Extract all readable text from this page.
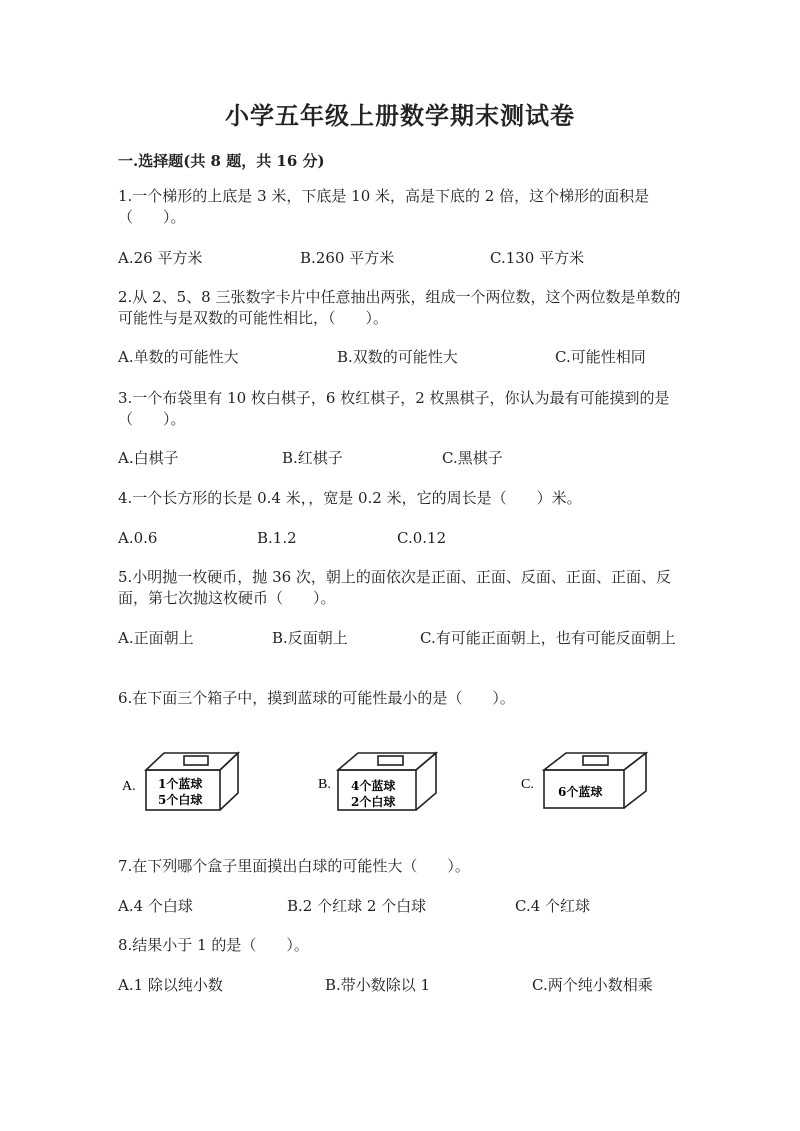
小学五年级上册数学期末测试卷
一.选择题(共 8 题，共 16 分)
1.一个梯形的上底是 3 米，下底是 10 米，高是下底的 2 倍，这个梯形的面积是（　　）。
A.26 平方米	B.260 平方米	C.130 平方米
2.从 2、5、8 三张数字卡片中任意抽出两张，组成一个两位数，这个两位数是单数的可能性与是双数的可能性相比，（　　）。
A.单数的可能性大	B.双数的可能性大	C.可能性相同
3.一个布袋里有 10 枚白棋子，6 枚红棋子，2 枚黑棋子，你认为最有可能摸到的是（　　）。
A.白棋子	B.红棋子	C.黑棋子
4.一个长方形的长是 0.4 米，，宽是 0.2 米，它的周长是（　　）米。
A.0.6	B.1.2	C.0.12
5.小明抛一枚硬币，抛 36 次，朝上的面依次是正面、正面、反面、正面、正面、反面，第七次抛这枚硬币（　　）。
A.正面朝上	B.反面朝上	C.有可能正面朝上，也有可能反面朝上
6.在下面三个箱子中，摸到蓝球的可能性最小的是（　　）。
A. 1个蓝球
5个白球
B. 4个蓝球
2个白球
C. 6个蓝球
7.在下列哪个盒子里面摸出白球的可能性大（　　）。
A.4 个白球	B.2 个红球 2 个白球	C.4 个红球
8.结果小于 1 的是（　　）。
A.1 除以纯小数	B.带小数除以 1	C.两个纯小数相乘
